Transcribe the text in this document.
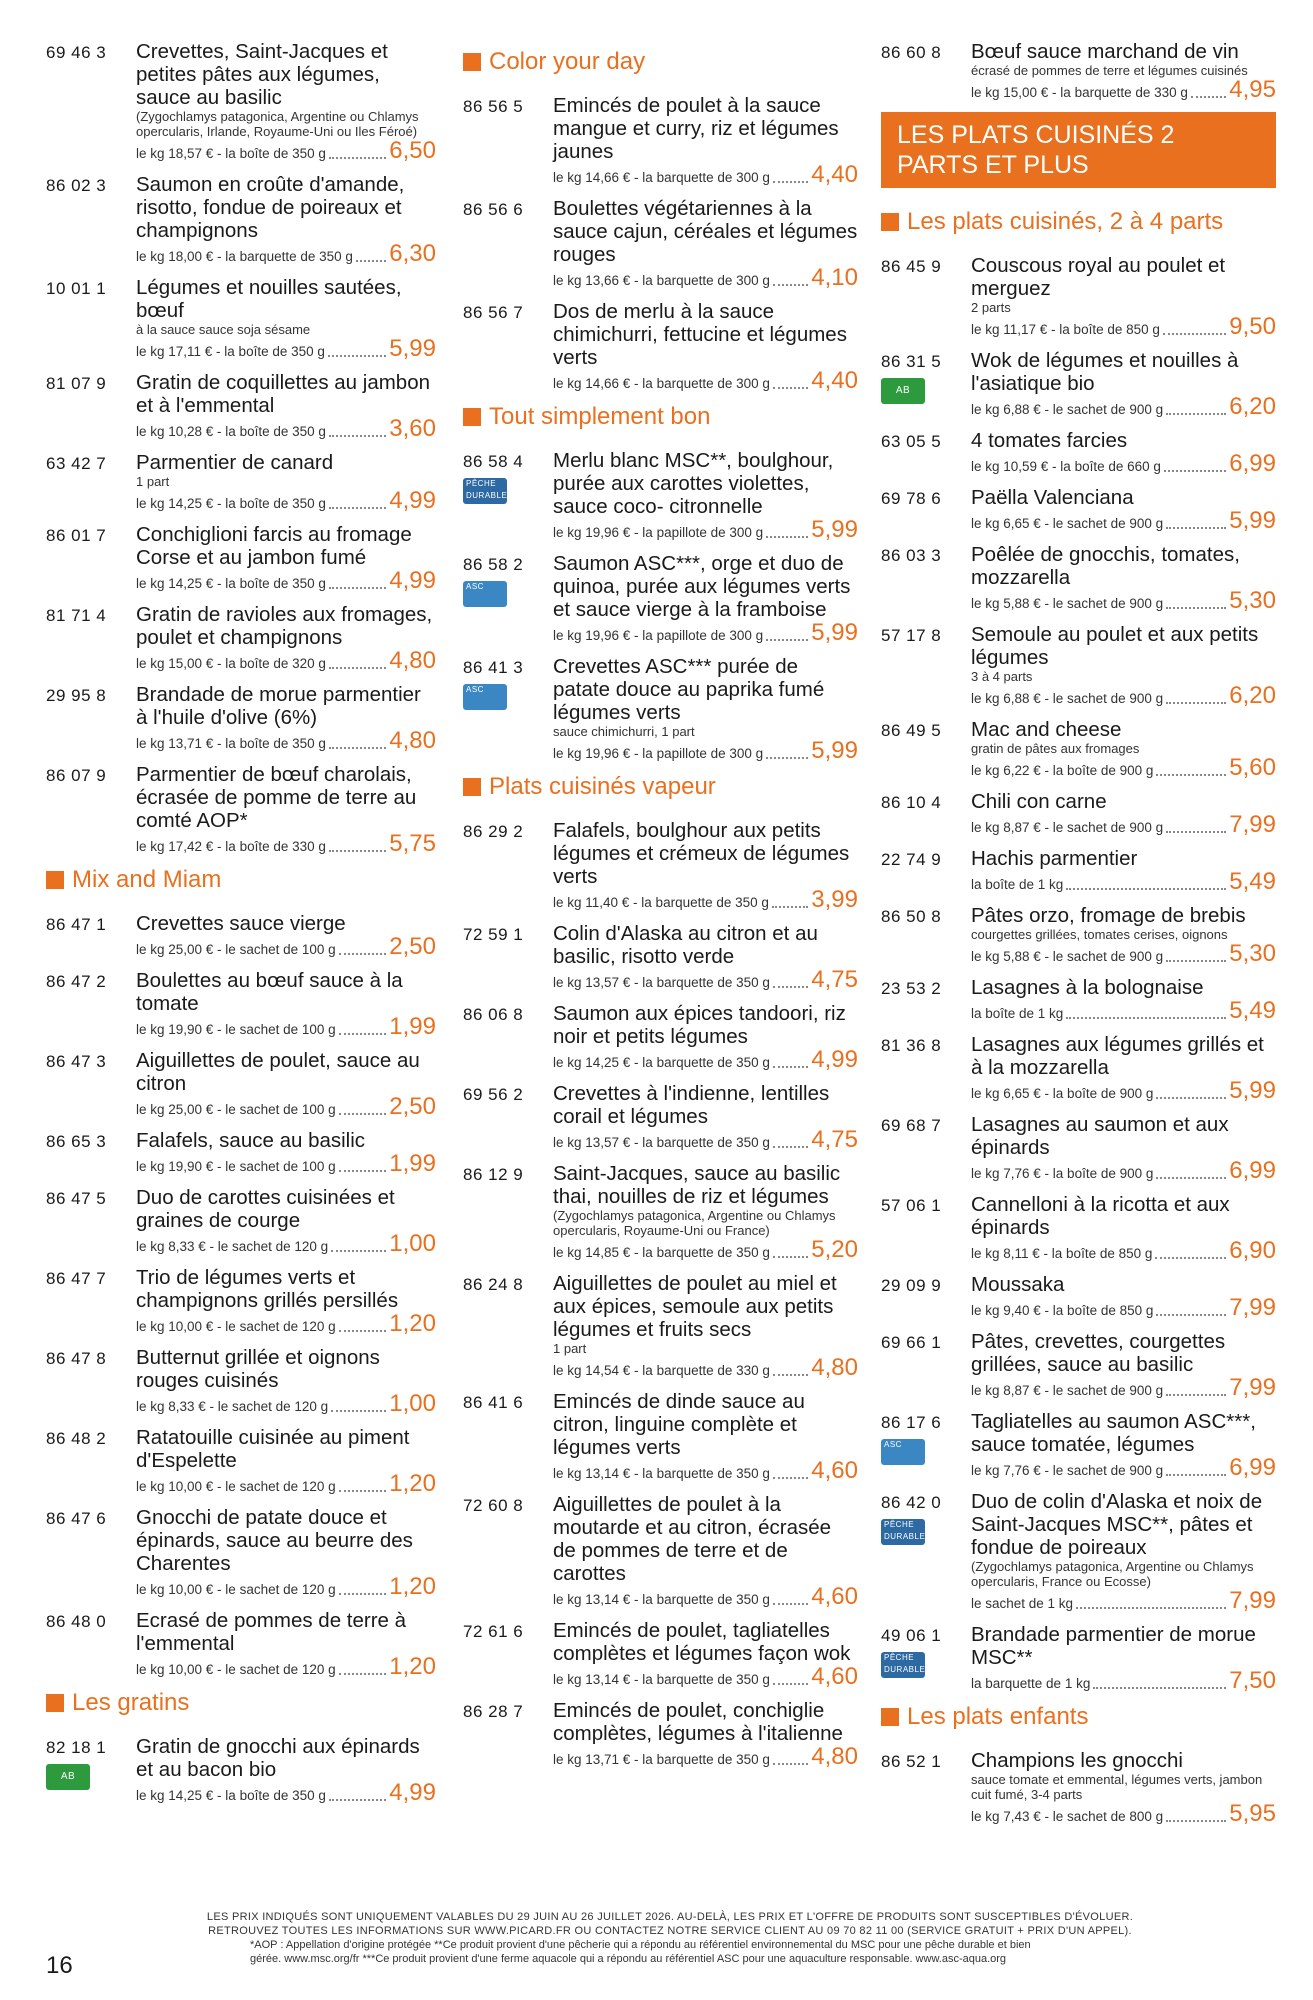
69 46 3	Crevettes, Saint-Jacques et petites pâtes aux légumes, sauce au basilic
(Zygochlamys patagonica, Argentine ou Chlamys opercularis, Irlande, Royaume-Uni ou Iles Féroé)
le kg 18,57 € - la boîte de 350 g	6,50
86 02 3	Saumon en croûte d'amande, risotto, fondue de poireaux et champignons
le kg 18,00 € - la barquette de 350 g 6,30
10 01 1	Légumes et nouilles sautées, bœuf
à la sauce sauce soja sésame
le kg 17,11 € - la boîte de 350 g	5,99
81 07 9	Gratin de coquillettes au jambon et à l'emmental
le kg 10,28 € - la boîte de 350 g	3,60
63 42 7	Parmentier de canard
1 part
le kg 14,25 € - la boîte de 350 g	4,99
86 01 7	Conchiglioni farcis au fromage Corse et au jambon fumé
le kg 14,25 € - la boîte de 350 g	4,99
81 71 4	Gratin de ravioles aux fromages, poulet et champignons
le kg 15,00 € - la boîte de 320 g	4,80
29 95 8	Brandade de morue parmentier à l'huile d'olive (6%)
le kg 13,71 € - la boîte de 350 g	4,80
86 07 9	Parmentier de bœuf charolais, écrasée de pomme de terre au comté AOP*
le kg 17,42 € - la boîte de 330 g	5,75
Mix and Miam
86 47 1	Crevettes sauce vierge
le kg 25,00 € - le sachet de 100 g 2,50
86 47 2	Boulettes au bœuf sauce à la tomate
le kg 19,90 € - le sachet de 100 g 1,99
86 47 3	Aiguillettes de poulet, sauce au citron
le kg 25,00 € - le sachet de 100 g 2,50
86 65 3	Falafels, sauce au basilic
le kg 19,90 € - le sachet de 100 g 1,99
86 47 5	Duo de carottes cuisinées et graines de courge
le kg 8,33 € - le sachet de 120 g	1,00
86 47 7	Trio de légumes verts et champignons grillés persillés
le kg 10,00 € - le sachet de 120 g 1,20
86 47 8	Butternut grillée et oignons rouges cuisinés
le kg 8,33 € - le sachet de 120 g	1,00
86 48 2	Ratatouille cuisinée au piment d'Espelette
le kg 10,00 € - le sachet de 120 g 1,20
86 47 6	Gnocchi de patate douce et épinards, sauce au beurre des Charentes
le kg 10,00 € - le sachet de 120 g 1,20
86 48 0	Ecrasé de pommes de terre à l'emmental
le kg 10,00 € - le sachet de 120 g 1,20
Les gratins
82 18 1
AB
Gratin de gnocchi aux épinards et au bacon bio
le kg 14,25 € - la boîte de 350 g	4,99
Color your day
86 56 5	Emincés de poulet à la sauce mangue et curry, riz et légumes jaunes
le kg 14,66 € - la barquette de 300 g 4,40
86 56 6	Boulettes végétariennes à la sauce cajun, céréales et légumes rouges
le kg 13,66 € - la barquette de 300 g 4,10
86 56 7	Dos de merlu à la sauce chimichurri, fettucine et légumes verts
le kg 14,66 € - la barquette de 300 g 4,40
Tout simplement bon
86 58 4
PÊCHE DURABLE MSC
Merlu blanc MSC**, boulghour, purée aux carottes violettes, sauce coco- citronnelle
le kg 19,96 € - la papillote de 300 g 5,99
86 58 2
ASC
Saumon ASC***, orge et duo de quinoa, purée aux légumes verts et sauce vierge à la framboise
le kg 19,96 € - la papillote de 300 g 5,99
86 41 3
ASC
Crevettes ASC*** purée de patate douce au paprika fumé légumes verts
sauce chimichurri, 1 part
le kg 19,96 € - la papillote de 300 g 5,99
Plats cuisinés vapeur
86 29 2	Falafels, boulghour aux petits légumes et crémeux de légumes verts
le kg 11,40 € - la barquette de 350 g 3,99
72 59 1	Colin d'Alaska au citron et au basilic, risotto verde
le kg 13,57 € - la barquette de 350 g 4,75
86 06 8	Saumon aux épices tandoori, riz noir et petits légumes
le kg 14,25 € - la barquette de 350 g 4,99
69 56 2	Crevettes à l'indienne, lentilles corail et légumes
le kg 13,57 € - la barquette de 350 g 4,75
86 12 9	Saint-Jacques, sauce au basilic thai, nouilles de riz et légumes
(Zygochlamys patagonica, Argentine ou Chlamys opercularis, Royaume-Uni ou France)
le kg 14,85 € - la barquette de 350 g 5,20
86 24 8	Aiguillettes de poulet au miel et aux épices, semoule aux petits légumes et fruits secs
1 part
le kg 14,54 € - la barquette de 330 g 4,80
86 41 6	Emincés de dinde sauce au citron, linguine complète et légumes verts
le kg 13,14 € - la barquette de 350 g 4,60
72 60 8	Aiguillettes de poulet à la moutarde et au citron, écrasée de pommes de terre et de carottes
le kg 13,14 € - la barquette de 350 g 4,60
72 61 6	Emincés de poulet, tagliatelles complètes et légumes façon wok
le kg 13,14 € - la barquette de 350 g 4,60
86 28 7	Emincés de poulet, conchiglie complètes, légumes à l'italienne
le kg 13,71 € - la barquette de 350 g 4,80
86 60 8	Bœuf sauce marchand de vin
écrasé de pommes de terre et légumes cuisinés
le kg 15,00 € - la barquette de 330 g 4,95
LES PLATS CUISINÉS 2 PARTS ET PLUS
Les plats cuisinés, 2 à 4 parts
86 45 9	Couscous royal au poulet et merguez
2 parts
le kg 11,17 € - la boîte de 850 g	9,50
86 31 5
AB
Wok de légumes et nouilles à l'asiatique bio
le kg 6,88 € - le sachet de 900 g	6,20
63 05 5	4 tomates farcies
le kg 10,59 € - la boîte de 660 g	6,99
69 78 6	Paëlla Valenciana
le kg 6,65 € - le sachet de 900 g	5,99
86 03 3	Poêlée de gnocchis, tomates, mozzarella
le kg 5,88 € - le sachet de 900 g	5,30
57 17 8	Semoule au poulet et aux petits légumes
3 à 4 parts
le kg 6,88 € - le sachet de 900 g	6,20
86 49 5	Mac and cheese
gratin de pâtes aux fromages
le kg 6,22 € - la boîte de 900 g	5,60
86 10 4	Chili con carne
le kg 8,87 € - le sachet de 900 g	7,99
22 74 9	Hachis parmentier
la boîte de 1 kg	5,49
86 50 8	Pâtes orzo, fromage de brebis
courgettes grillées, tomates cerises, oignons
le kg 5,88 € - le sachet de 900 g	5,30
23 53 2	Lasagnes à la bolognaise
la boîte de 1 kg	5,49
81 36 8	Lasagnes aux légumes grillés et à la mozzarella
le kg 6,65 € - la boîte de 900 g	5,99
69 68 7	Lasagnes au saumon et aux épinards
le kg 7,76 € - la boîte de 900 g	6,99
57 06 1	Cannelloni à la ricotta et aux épinards
le kg 8,11 € - la boîte de 850 g	6,90
29 09 9	Moussaka
le kg 9,40 € - la boîte de 850 g	7,99
69 66 1	Pâtes, crevettes, courgettes grillées, sauce au basilic
le kg 8,87 € - le sachet de 900 g	7,99
86 17 6
ASC
Tagliatelles au saumon ASC***, sauce tomatée, légumes
le kg 7,76 € - le sachet de 900 g	6,99
86 42 0
PÊCHE DURABLE MSC
Duo de colin d'Alaska et noix de Saint-Jacques MSC**, pâtes et fondue de poireaux
(Zygochlamys patagonica, Argentine ou Chlamys opercularis, France ou Ecosse)
le sachet de 1 kg	7,99
49 06 1
PÊCHE DURABLE MSC
Brandade parmentier de morue MSC**
la barquette de 1 kg	7,50
Les plats enfants
86 52 1	Champions les gnocchi
sauce tomate et emmental, légumes verts, jambon cuit fumé, 3-4 parts
le kg 7,43 € - le sachet de 800 g	5,95
LES PRIX INDIQUÉS SONT UNIQUEMENT VALABLES DU 29 JUIN AU 26 JUILLET 2026. AU-DELÀ, LES PRIX ET L'OFFRE DE PRODUITS SONT SUSCEPTIBLES D'ÉVOLUER.
RETROUVEZ TOUTES LES INFORMATIONS SUR WWW.PICARD.FR OU CONTACTEZ NOTRE SERVICE CLIENT AU 09 70 82 11 00 (SERVICE GRATUIT + PRIX D'UN APPEL).
*AOP : Appellation d'origine protégée **Ce produit provient d'une pêcherie qui a répondu au référentiel environnemental du MSC pour une pêche durable et bien
gérée. www.msc.org/fr ***Ce produit provient d'une ferme aquacole qui a répondu au référentiel ASC pour une aquaculture responsable. www.asc-aqua.org
16
